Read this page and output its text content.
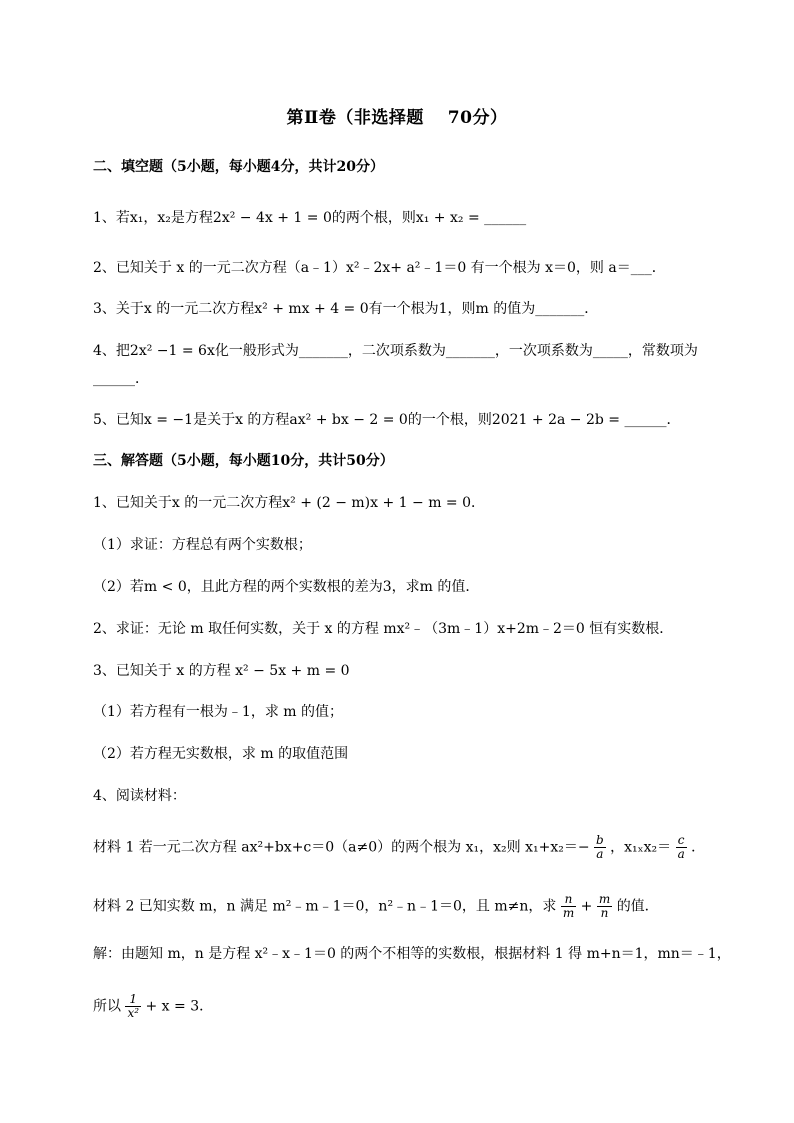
第Ⅱ卷（非选择题　 70分）
二、填空题（5小题，每小题4分，共计20分）
1、若x₁，x₂是方程2x² − 4x + 1 = 0的两个根，则x₁ + x₂ = ______
2、已知关于 x 的一元二次方程（a﹣1）x²﹣2x+ a²﹣1＝0 有一个根为 x＝0，则 a＝___．
3、关于x 的一元二次方程x² + mx + 4 = 0有一个根为1，则m 的值为_______．
4、把2x² −1 = 6x化一般形式为_______，二次项系数为_______，一次项系数为_____，常数项为
______．
5、已知x = −1是关于x 的方程ax² + bx − 2 = 0的一个根，则2021 + 2a − 2b = ______．
三、解答题（5小题，每小题10分，共计50分）
1、已知关于x 的一元二次方程x² + (2 − m)x + 1 − m = 0．
（1）求证：方程总有两个实数根；
（2）若m < 0，且此方程的两个实数根的差为3，求m 的值．
2、求证：无论 m 取任何实数，关于 x 的方程 mx²﹣（3m﹣1）x+2m﹣2＝0 恒有实数根．
3、已知关于 x 的方程 x² − 5x + m = 0
（1）若方程有一根为﹣1，求 m 的值；
（2）若方程无实数根，求 m 的取值范围
4、阅读材料：
材料 1 若一元二次方程 ax²+bx+c＝0（a≠0）的两个根为 x₁，x₂则 $x_1+x_2=- \frac{b}{a}$ ，$x_{1x}x_2= \frac{c}{a}$ ．
材料 2 已知实数 m，n 满足 m²﹣m﹣1＝0，n²﹣n﹣1＝0，且 m≠n，求 $\frac{n}{m} + \frac{m}{n}$ 的值．
解：由题知 m，n 是方程 x²﹣x﹣1＝0 的两个不相等的实数根，根据材料 1 得 m+n＝1，mn＝﹣1，
所以 $\frac{1}{\text{x²}} + x = 3$．
